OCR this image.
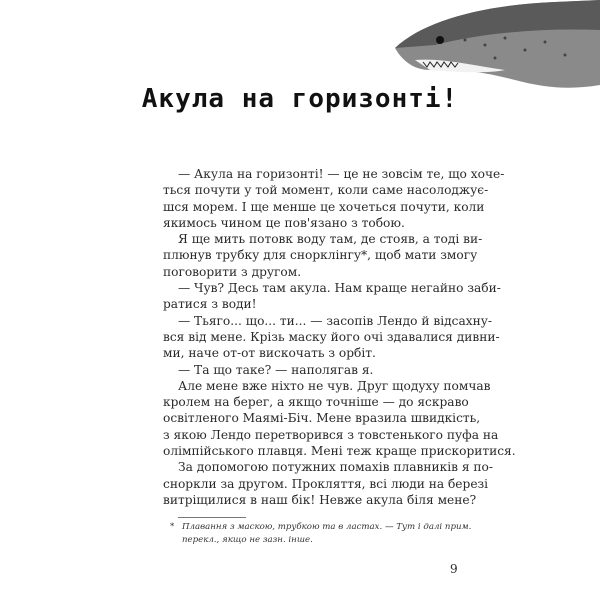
Акула на горизонті!
— Акула на горизонті! — це не зовсім те, що хоче-
ться почути у той момент, коли саме насолоджує-
шся морем. І ще менше це хочеться почути, коли
якимось чином це пов'язано з тобою.
Я ще мить потовк воду там, де стояв, а тоді ви-
плюнув трубку для снорклінгу*, щоб мати змогу
поговорити з другом.
— Чув? Десь там акула. Нам краще негайно заби-
ратися з води!
— Тьяго... що... ти... — засопів Лендо й відсахну-
вся від мене. Крізь маску його очі здавалися дивни-
ми, наче от-от вискочать з орбіт.
— Та що таке? — наполягав я.
Але мене вже ніхто не чув. Друг щодуху помчав
кролем на берег, а якщо точніше — до яскраво
освітленого Маямі-Біч. Мене вразила швидкість,
з якою Лендо перетворився з товстенького пуфа на
олімпійського плавця. Мені теж краще прискоритися.
За допомогою потужних помахів плавників я по-
сноркли за другом. Прокляття, всі люди на березі
витріщилися в наш бік! Невже акула біля мене?
* Плавання з маскою, трубкою та в ластах. — Тут і далі прим.
перекл., якщо не зазн. інше.
9
